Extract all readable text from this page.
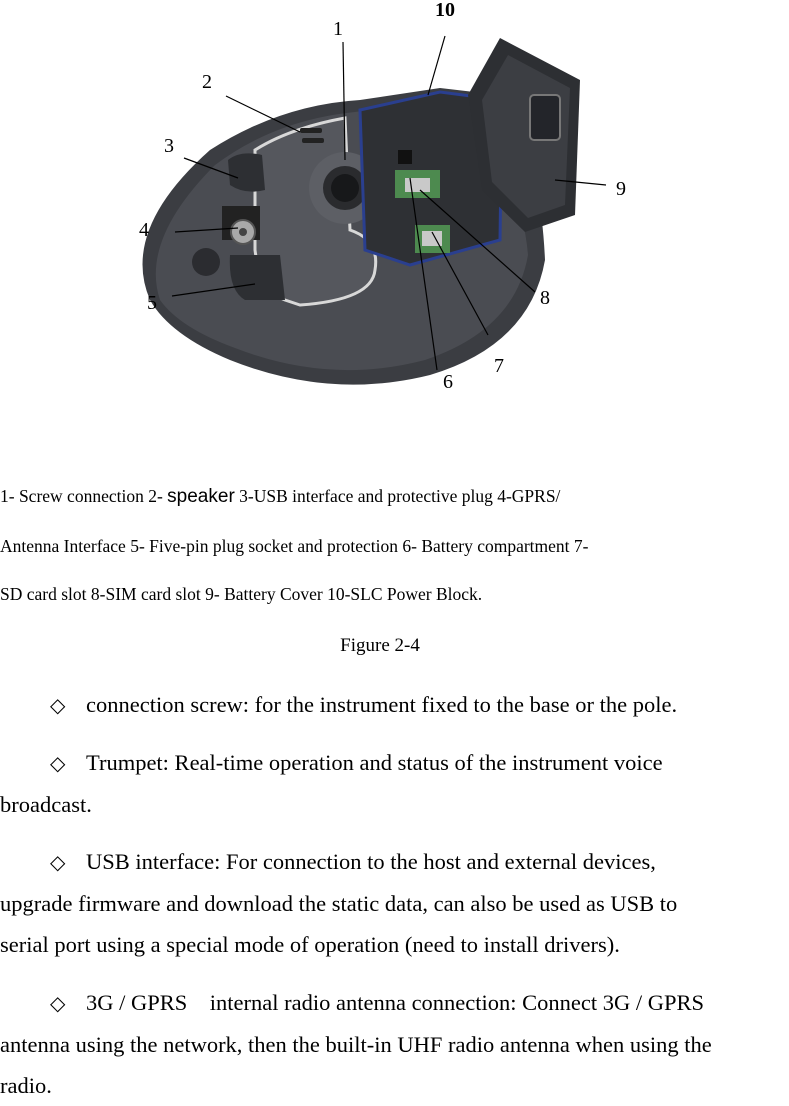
1
2
3
4
5
6
7
8
9
10
1- Screw connection 2- speaker 3-USB interface and protective plug 4-GPRS/
Antenna Interface 5- Five-pin plug socket and protection 6- Battery compartment 7-
SD card slot 8-SIM card slot 9- Battery Cover 10-SLC Power Block.
Figure 2-4
◇ connection screw: for the instrument fixed to the base or the pole.
◇ Trumpet: Real-time operation and status of the instrument voice
broadcast.
◇ USB interface: For connection to the host and external devices,
upgrade firmware and download the static data, can also be used as USB to
serial port using a special mode of operation (need to install drivers).
◇ 3G / GPRS    internal radio antenna connection: Connect 3G / GPRS
antenna using the network, then the built-in UHF radio antenna when using the
radio.
